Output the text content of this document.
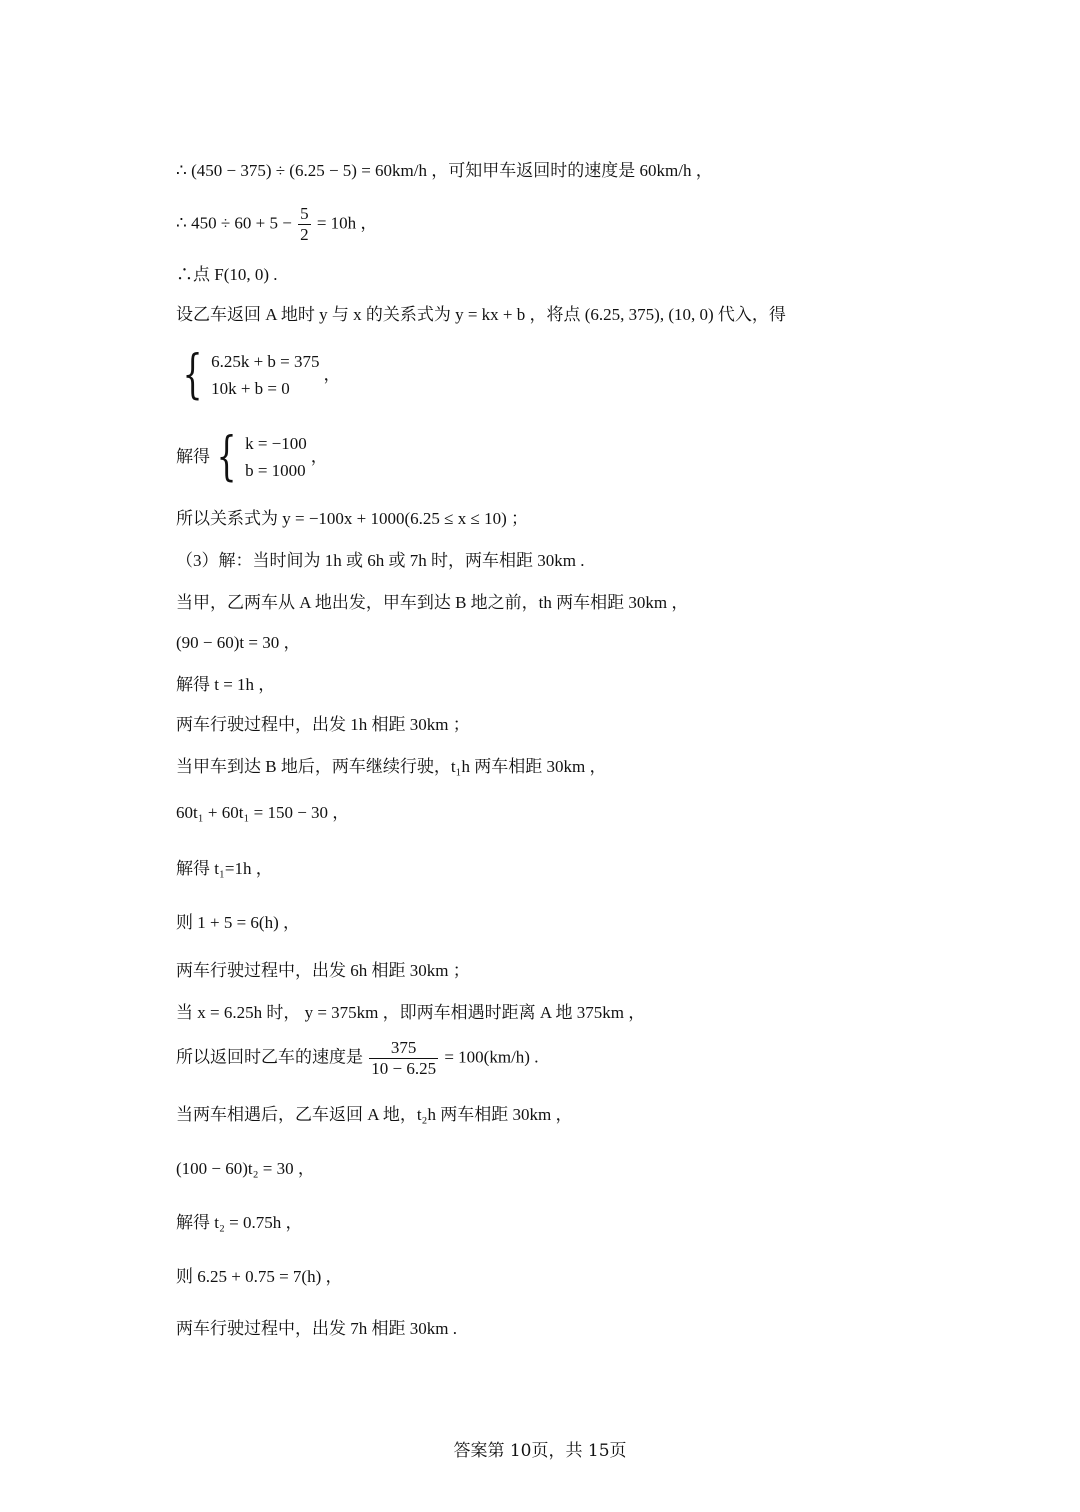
∴ (450 − 375) ÷ (6.25 − 5) = 60km/h ，可知甲车返回时的速度是 60km/h ，
∴ $450 \div 60 + 5 - \frac{5}{2} = 10h$ ，
∴点 F(10, 0) .
设乙车返回 A 地时 y 与 x 的关系式为 y = kx + b ，将点 (6.25, 375), (10, 0) 代入，得
{ 6.25k + b = 375
10k + b = 0
，
解得 { k = −100
b = 1000
，
所以关系式为 y = −100x + 1000(6.25 ≤ x ≤ 10) ；
（3）解：当时间为 1h 或 6h 或 7h 时，两车相距 30km .
当甲，乙两车从 A 地出发，甲车到达 B 地之前，th 两车相距 30km ，
(90 − 60)t = 30 ，
解得 t = 1h ，
两车行驶过程中，出发 1h 相距 30km ；
当甲车到达 B 地后，两车继续行驶，t₁h 两车相距 30km ，
60t₁ + 60t₁ = 150 − 30 ，
解得 t₁=1h ，
则 1 + 5 = 6(h) ，
两车行驶过程中，出发 6h 相距 30km ；
当 x = 6.25h 时， y = 375km ，即两车相遇时距离 A 地 375km ，
所以返回时乙车的速度是 $\frac{375}{10 - 6.25} = 100(km/h)$ .
当两车相遇后，乙车返回 A 地，t₂h 两车相距 30km ，
(100 − 60)t₂ = 30 ，
解得 t₂ = 0.75h ，
则 6.25 + 0.75 = 7(h) ，
两车行驶过程中，出发 7h 相距 30km .
答案第 10页，共 15页
